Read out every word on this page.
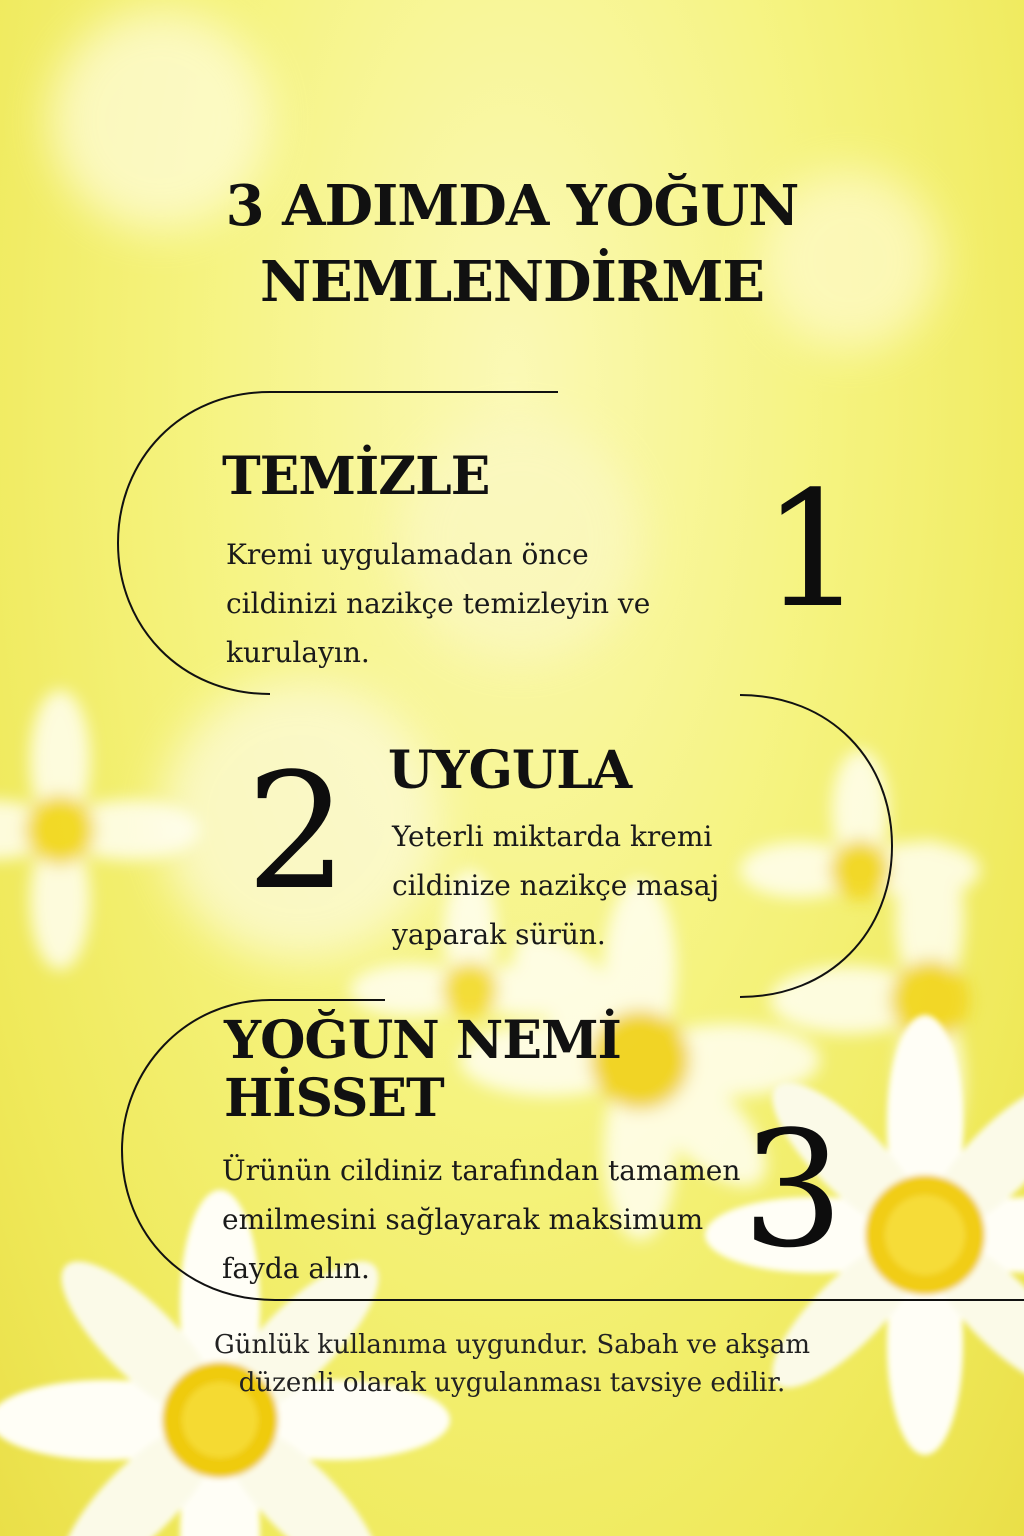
3 ADIMDA YOĞUN
NEMLENDİRME
TEMİZLE

Kremi uygulamadan önce
cildinizi nazikçe temizleyin ve
kurulayın.

1
2 UYGULA

Yeterli miktarda kremi
cildinize nazikçe masaj
yaparak sürün.

YOĞUN NEMİ
HİSSET

Ürünün cildiniz tarafından tamamen
emilmesini sağlayarak maksimum
fayda alın.	3
Günlük kullanıma uygundur. Sabah ve akşam
düzenli olarak uygulanması tavsiye edilir.
